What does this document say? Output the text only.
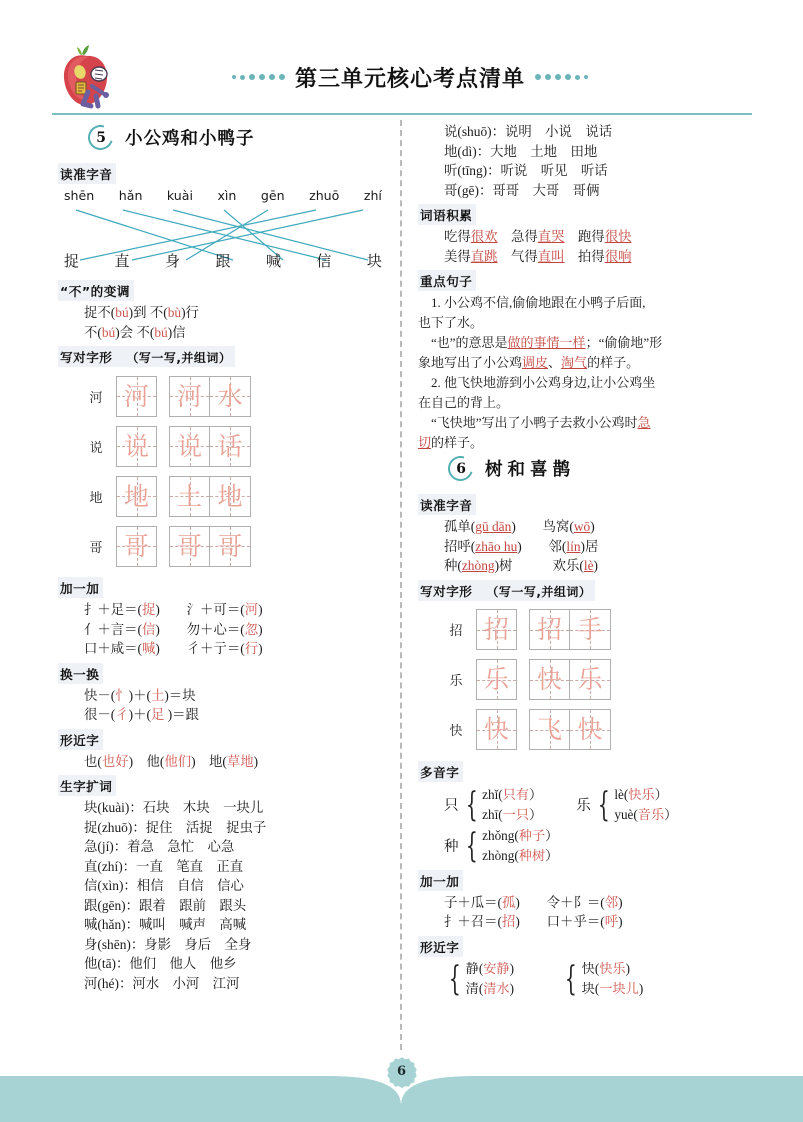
第三单元核心考点清单
5 小公鸡和小鸭子
读准字音
shēn hǎn kuài xìn gēn zhuō zhí
捉 直 身 跟 喊 信 块
“不”的变调
捉不(bú)到 不(bù)行
不(bú)会 不(bú)信
写对字形 （写一写,并组词）
河 河 河 水
说 说 说 话
地 地 土 地
哥 哥 哥 哥
加一加
扌＋足＝(捉)　　氵＋可＝(河)
亻＋言＝(信)　　勿＋心＝(忽)
口＋咸＝(喊)　　彳＋亍＝(行)
换一换
快－(忄)＋(土)＝块
很－(彳)＋(足 )＝跟
形近字
也(也好)　他(他们)　地(草地)
生字扩词
块(kuài)：石块　木块　一块儿
捉(zhuō)：捉住　活捉　捉虫子
急(jí)：着急　急忙　心急
直(zhí)：一直　笔直　正直
信(xìn)：相信　自信　信心
跟(gēn)：跟着　跟前　跟头
喊(hǎn)：喊叫　喊声　高喊
身(shēn)：身影　身后　全身
他(tā)：他们　他人　他乡
河(hé)：河水　小河　江河
说(shuō)：说明　小说　说话
地(dì)：大地　土地　田地
听(tīng)：听说　听见　听话
哥(gē)：哥哥　大哥　哥俩
词语积累
吃得很欢　急得直哭　跑得很快
美得直跳　气得直叫　拍得很响
重点句子
　1. 小公鸡不信,偷偷地跟在小鸭子后面,
也下了水。
　“也”的意思是做的事情一样；“偷偷地”形
象地写出了小公鸡调皮、淘气的样子。
　2. 他飞快地游到小公鸡身边,让小公鸡坐
在自己的背上。
　“飞快地”写出了小鸭子去救小公鸡时急
切的样子。
6 树和喜鹊
读准字音
孤单(gū dān)　　鸟窝(wō)
招呼(zhāo hu)　　邻(lín)居
种(zhòng)树　　　欢乐(lè)
写对字形 （写一写,并组词）
招 招 招 手
乐 乐 快 乐
快 快 飞 快
多音字
只 { zhǐ(只有）
zhī(一只） 乐 { lè(快乐）
yuè(音乐）
种 { zhǒng(种子）
zhòng(种树）
加一加
子＋瓜＝(孤)　　令＋阝＝(邻)
扌＋召＝(招)　　口＋乎＝(呼)
形近字
{ 静(安静)
清(清水) { 快(快乐)
块(一块儿)
6
